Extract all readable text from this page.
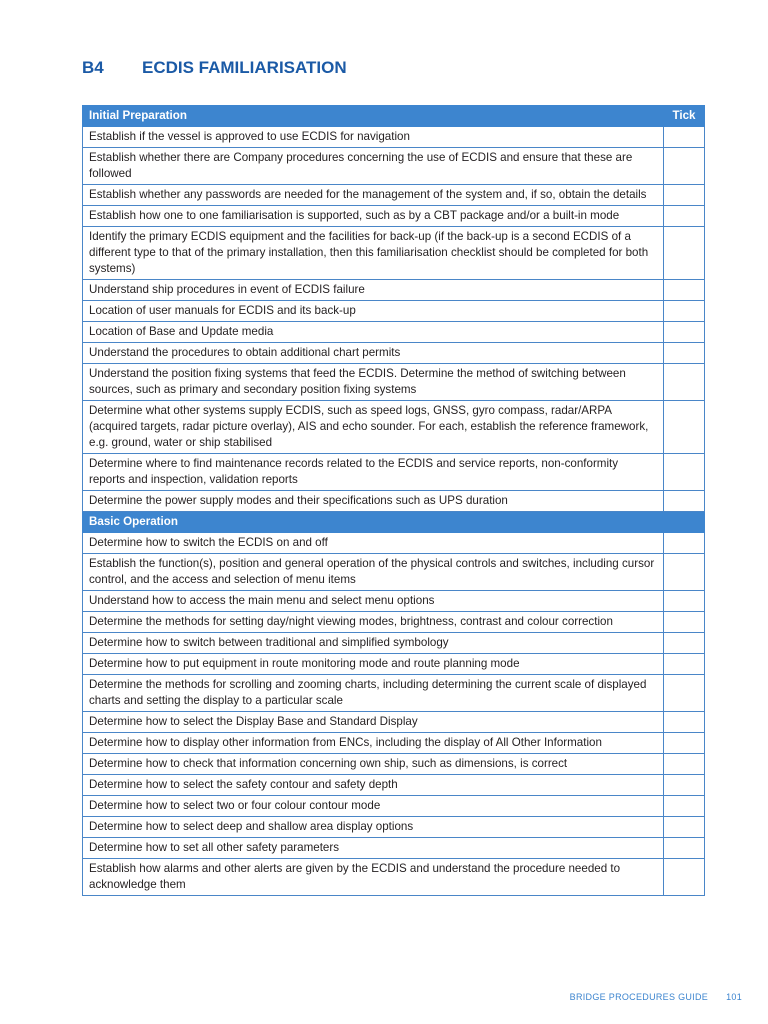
B4	ECDIS FAMILIARISATION
Initial Preparation	Tick
Establish if the vessel is approved to use ECDIS for navigation	
Establish whether there are Company procedures concerning the use of ECDIS and ensure that these are followed	
Establish whether any passwords are needed for the management of the system and, if so, obtain the details	
Establish how one to one familiarisation is supported, such as by a CBT package and/or a built-in mode	
Identify the primary ECDIS equipment and the facilities for back-up (if the back-up is a second ECDIS of a different type to that of the primary installation, then this familiarisation checklist should be completed for both systems)	
Understand ship procedures in event of ECDIS failure	
Location of user manuals for ECDIS and its back-up	
Location of Base and Update media	
Understand the procedures to obtain additional chart permits	
Understand the position fixing systems that feed the ECDIS. Determine the method of switching between sources, such as primary and secondary position fixing systems	
Determine what other systems supply ECDIS, such as speed logs, GNSS, gyro compass, radar/ARPA (acquired targets, radar picture overlay), AIS and echo sounder. For each, establish the reference framework, e.g. ground, water or ship stabilised	
Determine where to find maintenance records related to the ECDIS and service reports, non-conformity reports and inspection, validation reports	
Determine the power supply modes and their specifications such as UPS duration	
Basic Operation	
Determine how to switch the ECDIS on and off	
Establish the function(s), position and general operation of the physical controls and switches, including cursor control, and the access and selection of menu items	
Understand how to access the main menu and select menu options	
Determine the methods for setting day/night viewing modes, brightness, contrast and colour correction	
Determine how to switch between traditional and simplified symbology	
Determine how to put equipment in route monitoring mode and route planning mode	
Determine the methods for scrolling and zooming charts, including determining the current scale of displayed charts and setting the display to a particular scale	
Determine how to select the Display Base and Standard Display	
Determine how to display other information from ENCs, including the display of All Other Information	
Determine how to check that information concerning own ship, such as dimensions, is correct	
Determine how to select the safety contour and safety depth	
Determine how to select two or four colour contour mode	
Determine how to select deep and shallow area display options	
Determine how to set all other safety parameters	
Establish how alarms and other alerts are given by the ECDIS and understand the procedure needed to acknowledge them	
BRIDGE PROCEDURES GUIDE 101
